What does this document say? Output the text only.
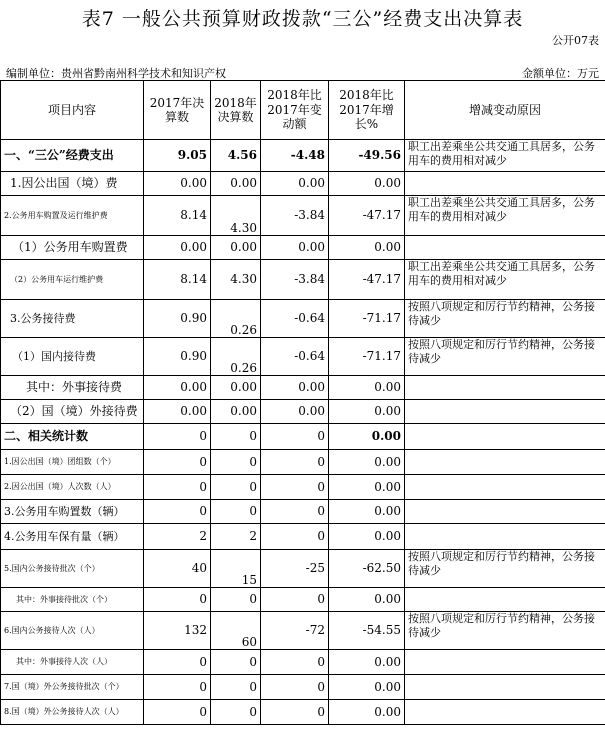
表7 一般公共预算财政拨款“三公”经费支出决算表
公开07表
编制单位：贵州省黔南州科学技术和知识产权	金额单位：万元
项目内容	2017年决算数	2018年决算数	2018年比2017年变动额	2018年比2017年增长%	增减变动原因
一、“三公”经费支出	9.05	4.56	-4.48	-49.56	职工出差乘坐公共交通工具居多，公务用车的费用相对减少
1.因公出国（境）费	0.00	0.00	0.00	0.00	
2.公务用车购置及运行维护费	8.14	4.30	-3.84	-47.17	职工出差乘坐公共交通工具居多，公务用车的费用相对减少
（1）公务用车购置费	0.00	0.00	0.00	0.00	
（2）公务用车运行维护费	8.14	4.30	-3.84	-47.17	职工出差乘坐公共交通工具居多，公务用车的费用相对减少
3.公务接待费	0.90	0.26	-0.64	-71.17	按照八项规定和厉行节约精神，公务接待减少
（1）国内接待费	0.90	0.26	-0.64	-71.17	按照八项规定和厉行节约精神，公务接待减少
其中：外事接待费	0.00	0.00	0.00	0.00	
（2）国（境）外接待费	0.00	0.00	0.00	0.00	
二、相关统计数	0	0	0	0.00	
1.因公出国（境）团组数（个）	0	0	0	0.00	
2.因公出国（境）人次数（人）	0	0	0	0.00	
3.公务用车购置数（辆）	0	0	0	0.00	
4.公务用车保有量（辆）	2	2	0	0.00	
5.国内公务接待批次（个）	40	15	-25	-62.50	按照八项规定和厉行节约精神，公务接待减少
其中：外事接待批次（个）	0	0	0	0.00	
6.国内公务接待人次（人）	132	60	-72	-54.55	按照八项规定和厉行节约精神，公务接待减少
其中：外事接待人次（人）	0	0	0	0.00	
7.国（境）外公务接待批次（个）	0	0	0	0.00	
8.国（境）外公务接待人次（人）	0	0	0	0.00	
